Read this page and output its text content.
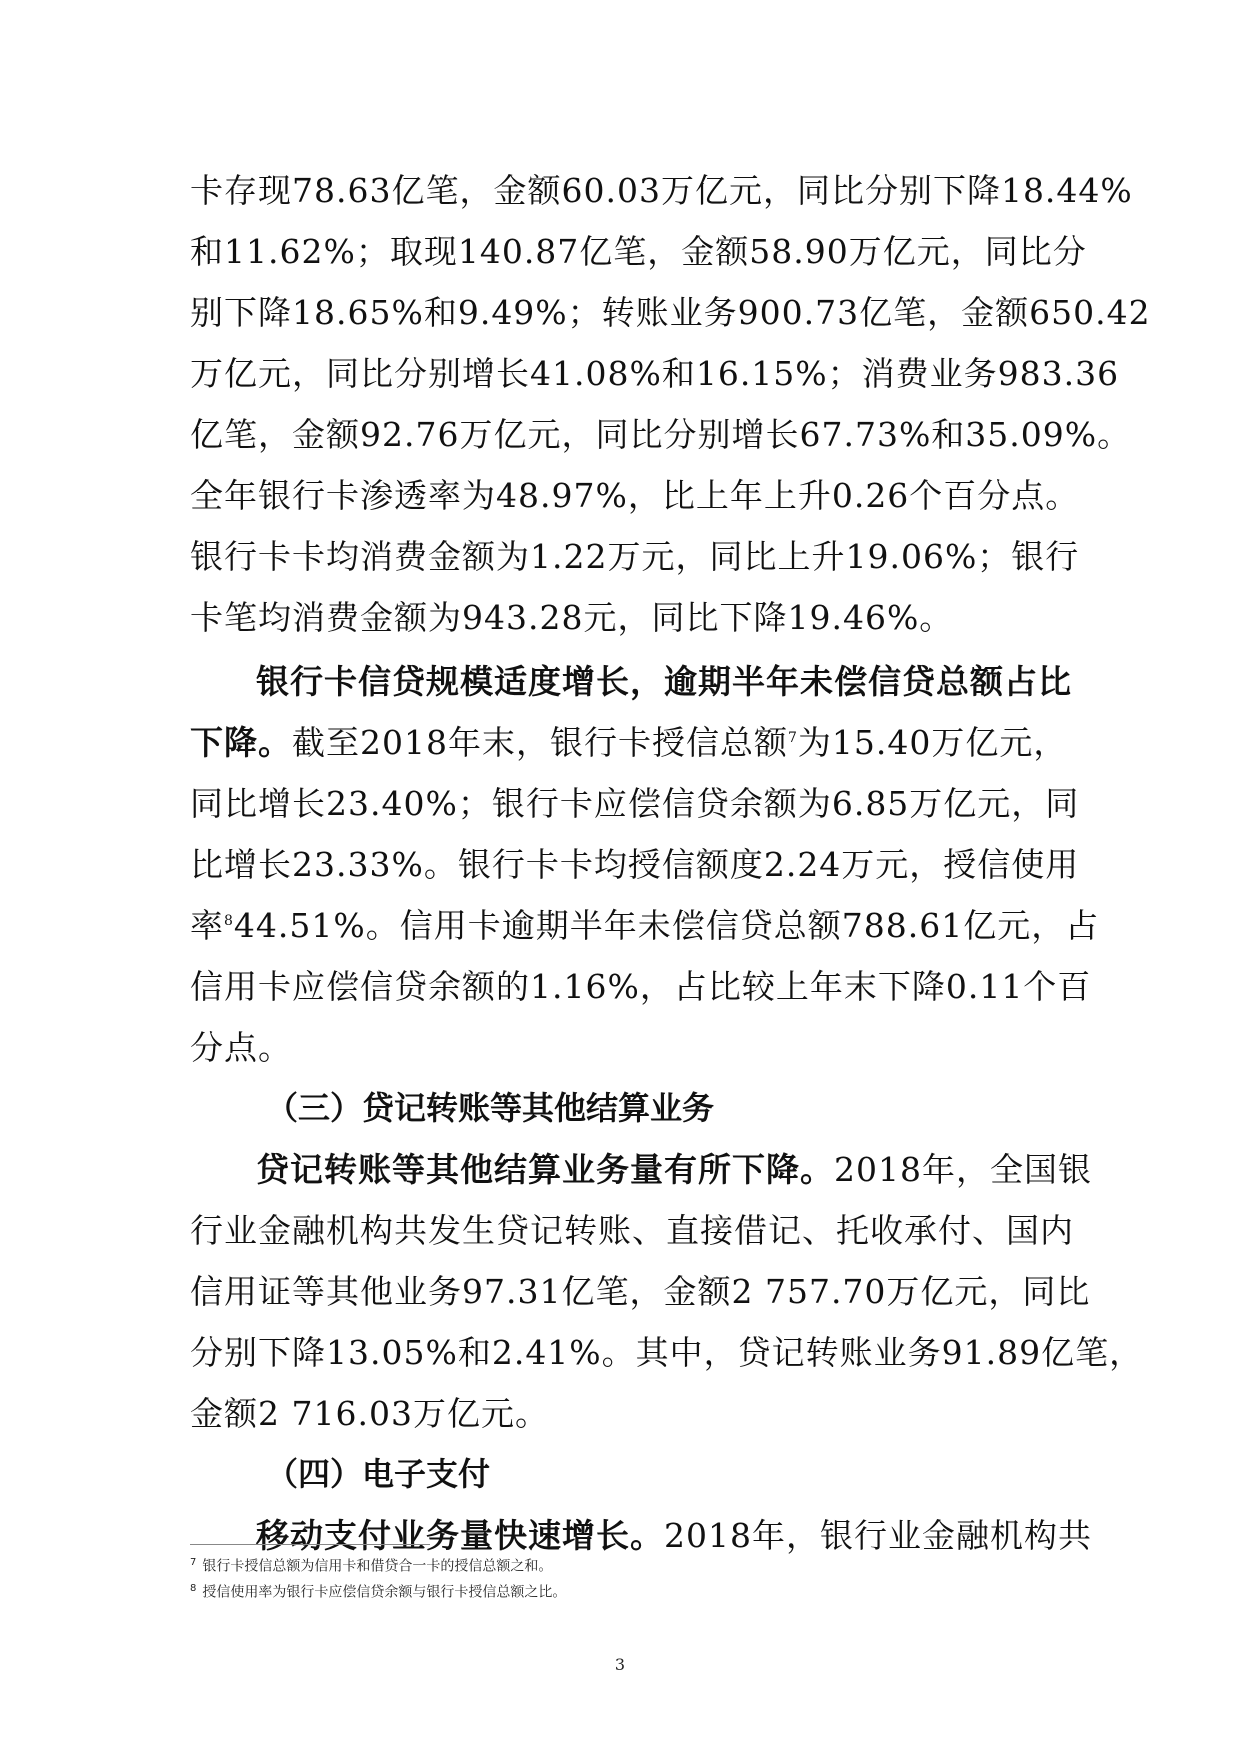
卡存现78.63亿笔，金额60.03万亿元，同比分别下降18.44%
和11.62%；取现140.87亿笔，金额58.90万亿元，同比分
别下降18.65%和9.49%；转账业务900.73亿笔，金额650.42
万亿元，同比分别增长41.08%和16.15%；消费业务983.36
亿笔，金额92.76万亿元，同比分别增长67.73%和35.09%。
全年银行卡渗透率为48.97%，比上年上升0.26个百分点。
银行卡卡均消费金额为1.22万元，同比上升19.06%；银行
卡笔均消费金额为943.28元，同比下降19.46%。
银行卡信贷规模适度增长，逾期半年未偿信贷总额占比
下降。截至2018年末，银行卡授信总额$^7$为15.40万亿元，
同比增长23.40%；银行卡应偿信贷余额为6.85万亿元，同
比增长23.33%。银行卡卡均授信额度2.24万元，授信使用
率$^8$44.51%。信用卡逾期半年未偿信贷总额788.61亿元，占
信用卡应偿信贷余额的1.16%，占比较上年末下降0.11个百
分点。
（三）贷记转账等其他结算业务
贷记转账等其他结算业务量有所下降。2018年，全国银
行业金融机构共发生贷记转账、直接借记、托收承付、国内
信用证等其他业务97.31亿笔，金额2 757.70万亿元，同比
分别下降13.05%和2.41%。其中，贷记转账业务91.89亿笔，
金额2 716.03万亿元。
（四）电子支付
移动支付业务量快速增长。2018年，银行业金融机构共
$^7$ 银行卡授信总额为信用卡和借贷合一卡的授信总额之和。
$^8$ 授信使用率为银行卡应偿信贷余额与银行卡授信总额之比。
3
